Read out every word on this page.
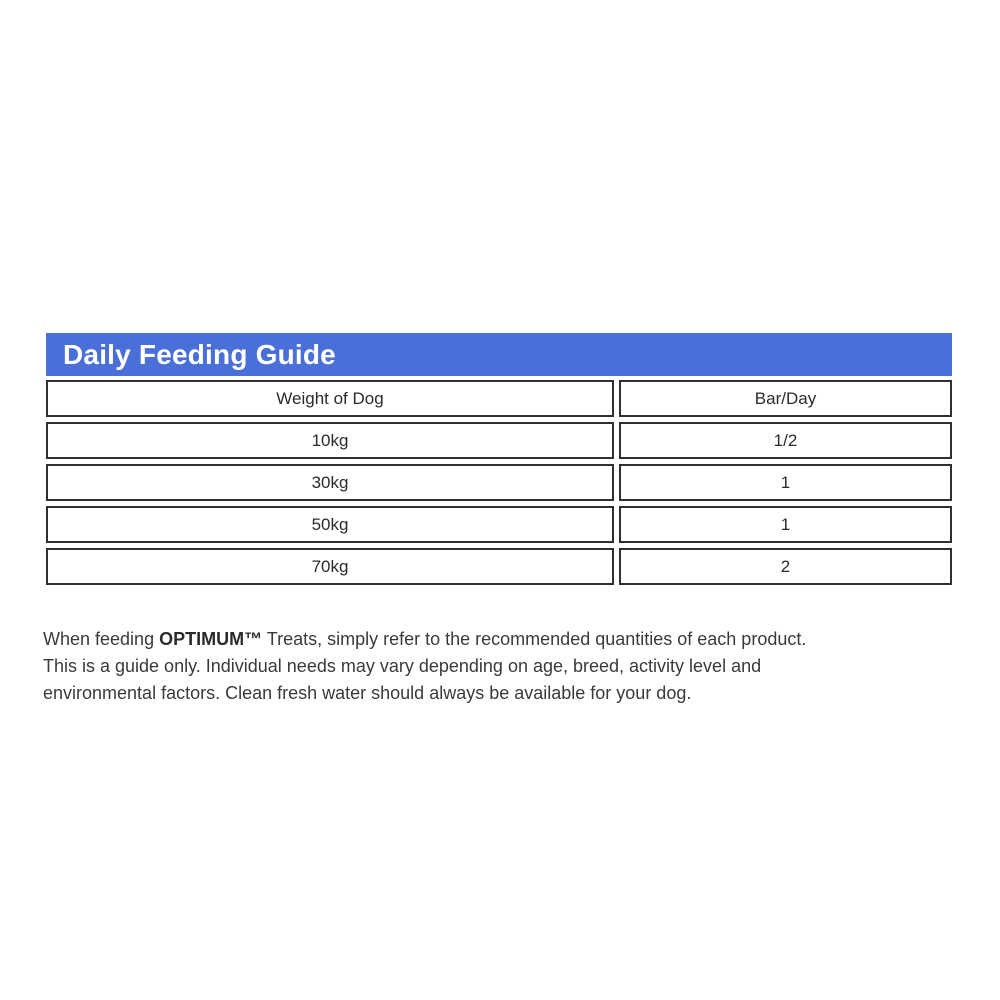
Daily Feeding Guide
Weight of Dog	Bar/Day
10kg	1/2
30kg	1
50kg	1
70kg	2

When feeding OPTIMUM™ Treats, simply refer to the recommended quantities of each product.
This is a guide only. Individual needs may vary depending on age, breed, activity level and
environmental factors. Clean fresh water should always be available for your dog.
